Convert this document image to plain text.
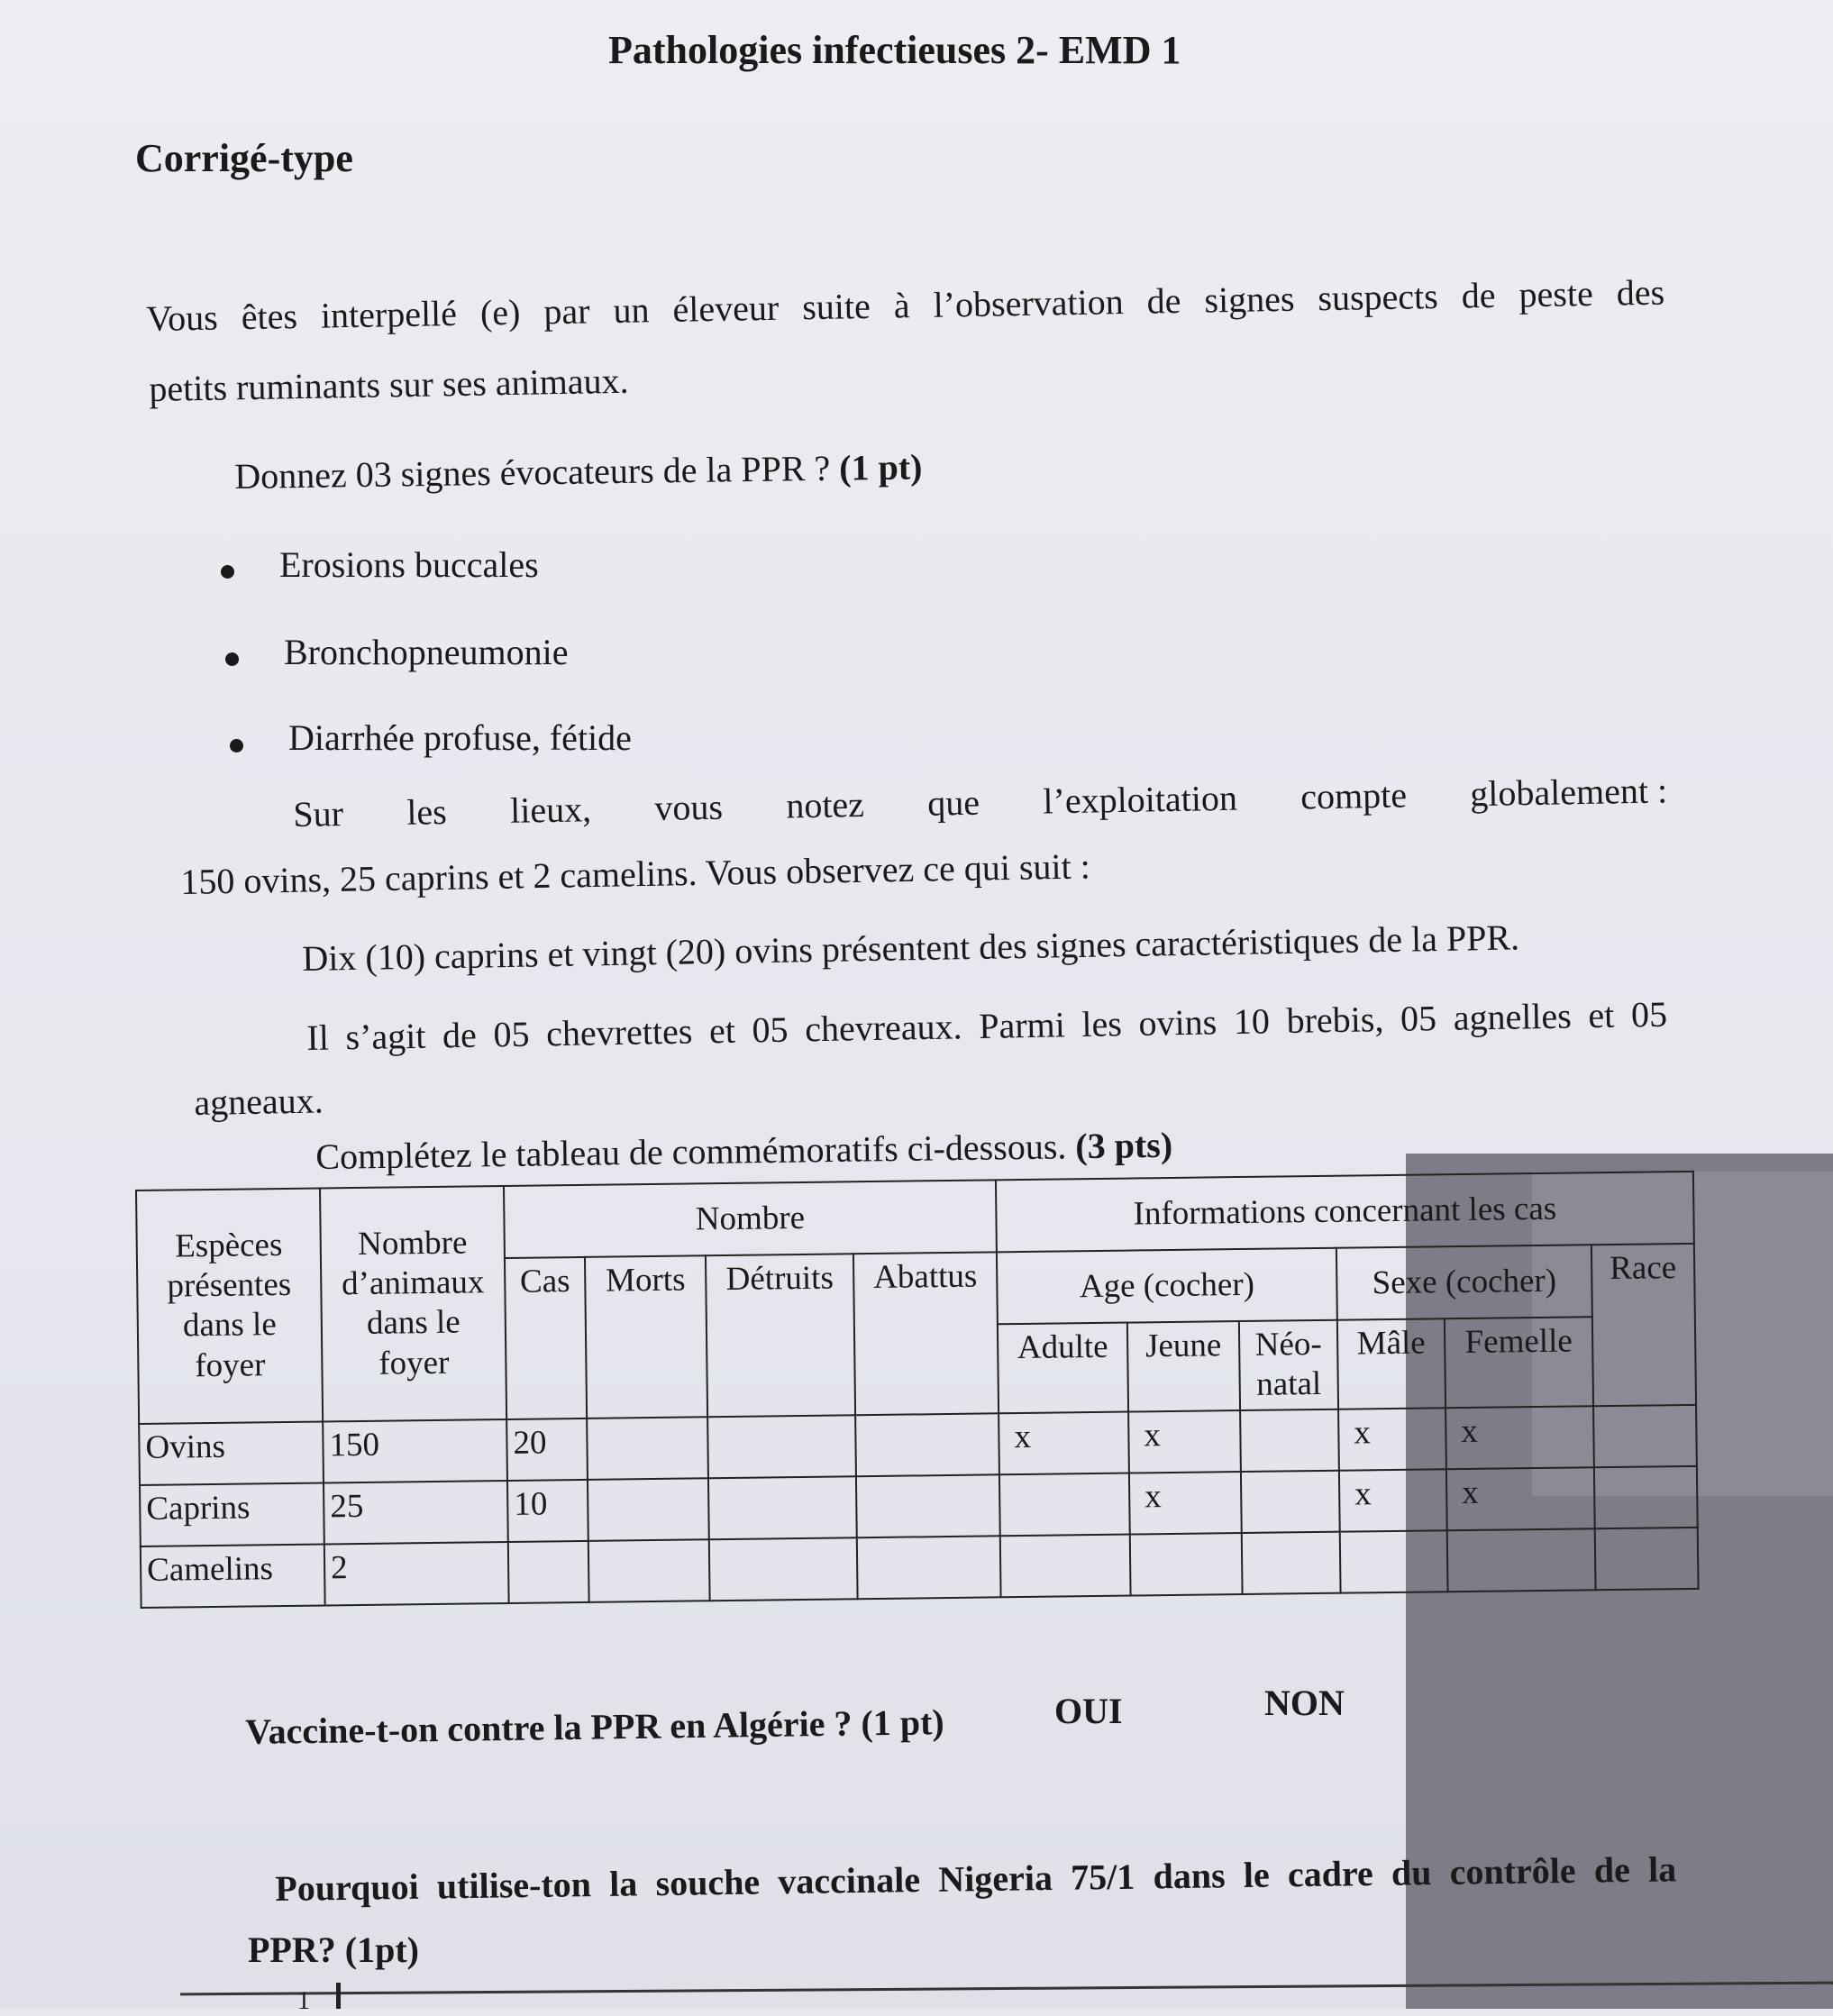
Pathologies infectieuses 2- EMD 1
Corrigé-type
Vous êtes interpellé (e) par un éleveur suite à l’observation de signes suspects de peste des
petits ruminants sur ses animaux.
Donnez 03 signes évocateurs de la PPR ? (1 pt)
Erosions buccales
Bronchopneumonie
Diarrhée profuse, fétide
Sur les lieux, vous notez que l’exploitation compte globalement :
150 ovins, 25 caprins et 2 camelins. Vous observez ce qui suit :
Dix (10) caprins et vingt (20) ovins présentent des signes caractéristiques de la PPR.
Il s’agit de 05 chevrettes et 05 chevreaux. Parmi les ovins 10 brebis, 05 agnelles et 05
agneaux.
Complétez le tableau de commémoratifs ci-dessous. (3 pts)
Espèces présentes dans le foyer	Nombre d’animaux dans le foyer	Nombre				Informations concernant les cas					
		Cas	Morts	Détruits	Abattus	Age (cocher)			Sexe (cocher)		Race
						Adulte	Jeune	Néo-natal	Mâle	Femelle	
Ovins	150	20				x	x		x	x	
Caprins	25	10					x		x	x	
Camelins	2										
Vaccine-t-on contre la PPR en Algérie ? (1 pt)	OUI	NON
Pourquoi utilise-ton la souche vaccinale Nigeria 75/1 dans le cadre du contrôle de la
PPR? (1pt)
1
